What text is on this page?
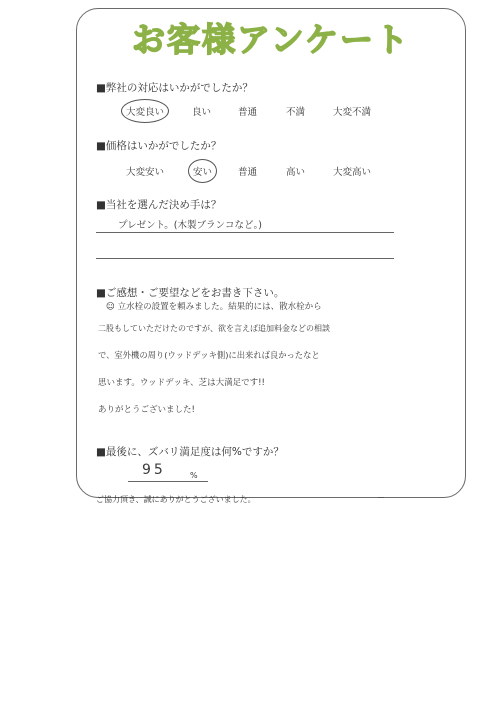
お客様アンケート
■弊社の対応はいかがでしたか？
大変良い	良い	普通	不満	大変不満
■価格はいかがでしたか？
大変安い	安い	普通	高い	大変高い
■当社を選んだ決め手は？
プレゼント。(木製ブランコなど。)
■ご感想・ご要望などをお書き下さい。
☺ 立水栓の設置を頼みました。結果的には、散水栓から
二股もしていただけたのですが、欲を言えば追加料金などの相談
で、室外機の周り(ウッドデッキ側)に出来れば良かったなと
思います。ウッドデッキ、芝は大満足です!!
ありがとうございました!
■最後に、ズバリ満足度は何%ですか？
95	%
ご協力頂き、誠にありがとうございました。
